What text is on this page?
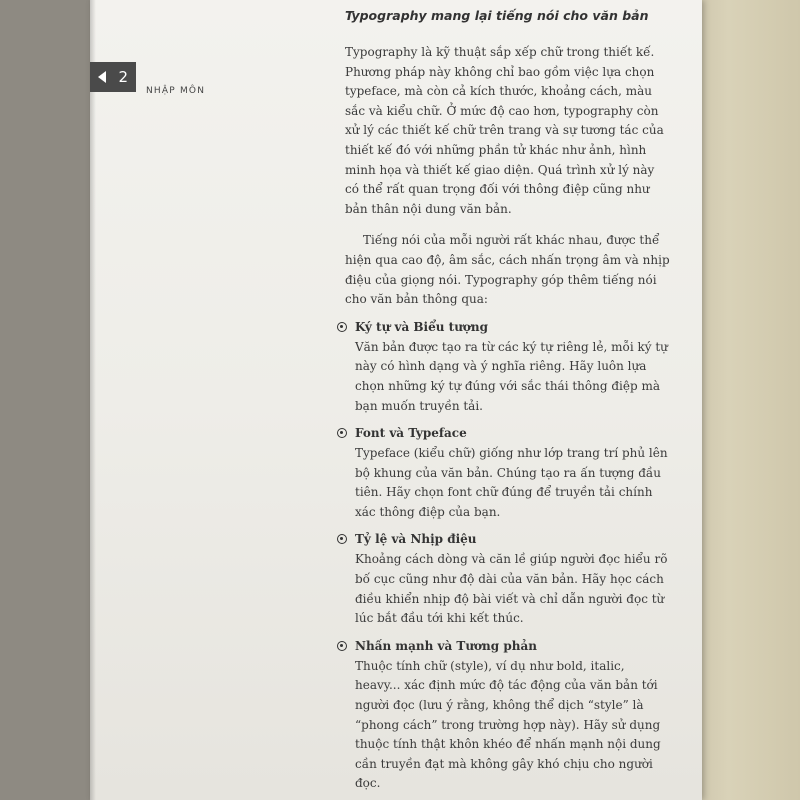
2
NHẬP MÔN
Typography mang lại tiếng nói cho văn bản

Typography là kỹ thuật sắp xếp chữ trong thiết kế. Phương pháp này không chỉ bao gồm việc lựa chọn typeface, mà còn cả kích thước, khoảng cách, màu sắc và kiểu chữ. Ở mức độ cao hơn, typography còn xử lý các thiết kế chữ trên trang và sự tương tác của thiết kế đó với những phần tử khác như ảnh, hình minh họa và thiết kế giao diện. Quá trình xử lý này có thể rất quan trọng đối với thông điệp cũng như bản thân nội dung văn bản.

Tiếng nói của mỗi người rất khác nhau, được thể hiện qua cao độ, âm sắc, cách nhấn trọng âm và nhịp điệu của giọng nói. Typography góp thêm tiếng nói cho văn bản thông qua:

Ký tự và Biểu tượng

Văn bản được tạo ra từ các ký tự riêng lẻ, mỗi ký tự này có hình dạng và ý nghĩa riêng. Hãy luôn lựa chọn những ký tự đúng với sắc thái thông điệp mà bạn muốn truyền tải.

Font và Typeface

Typeface (kiểu chữ) giống như lớp trang trí phủ lên bộ khung của văn bản. Chúng tạo ra ấn tượng đầu tiên. Hãy chọn font chữ đúng để truyền tải chính xác thông điệp của bạn.

Tỷ lệ và Nhịp điệu

Khoảng cách dòng và căn lề giúp người đọc hiểu rõ bố cục cũng như độ dài của văn bản. Hãy học cách điều khiển nhịp độ bài viết và chỉ dẫn người đọc từ lúc bắt đầu tới khi kết thúc.

Nhấn mạnh và Tương phản

Thuộc tính chữ (style), ví dụ như bold, italic, heavy... xác định mức độ tác động của văn bản tới người đọc (lưu ý rằng, không thể dịch “style” là “phong cách” trong trường hợp này). Hãy sử dụng thuộc tính thật khôn khéo để nhấn mạnh nội dung cần truyền đạt mà không gây khó chịu cho người đọc.
